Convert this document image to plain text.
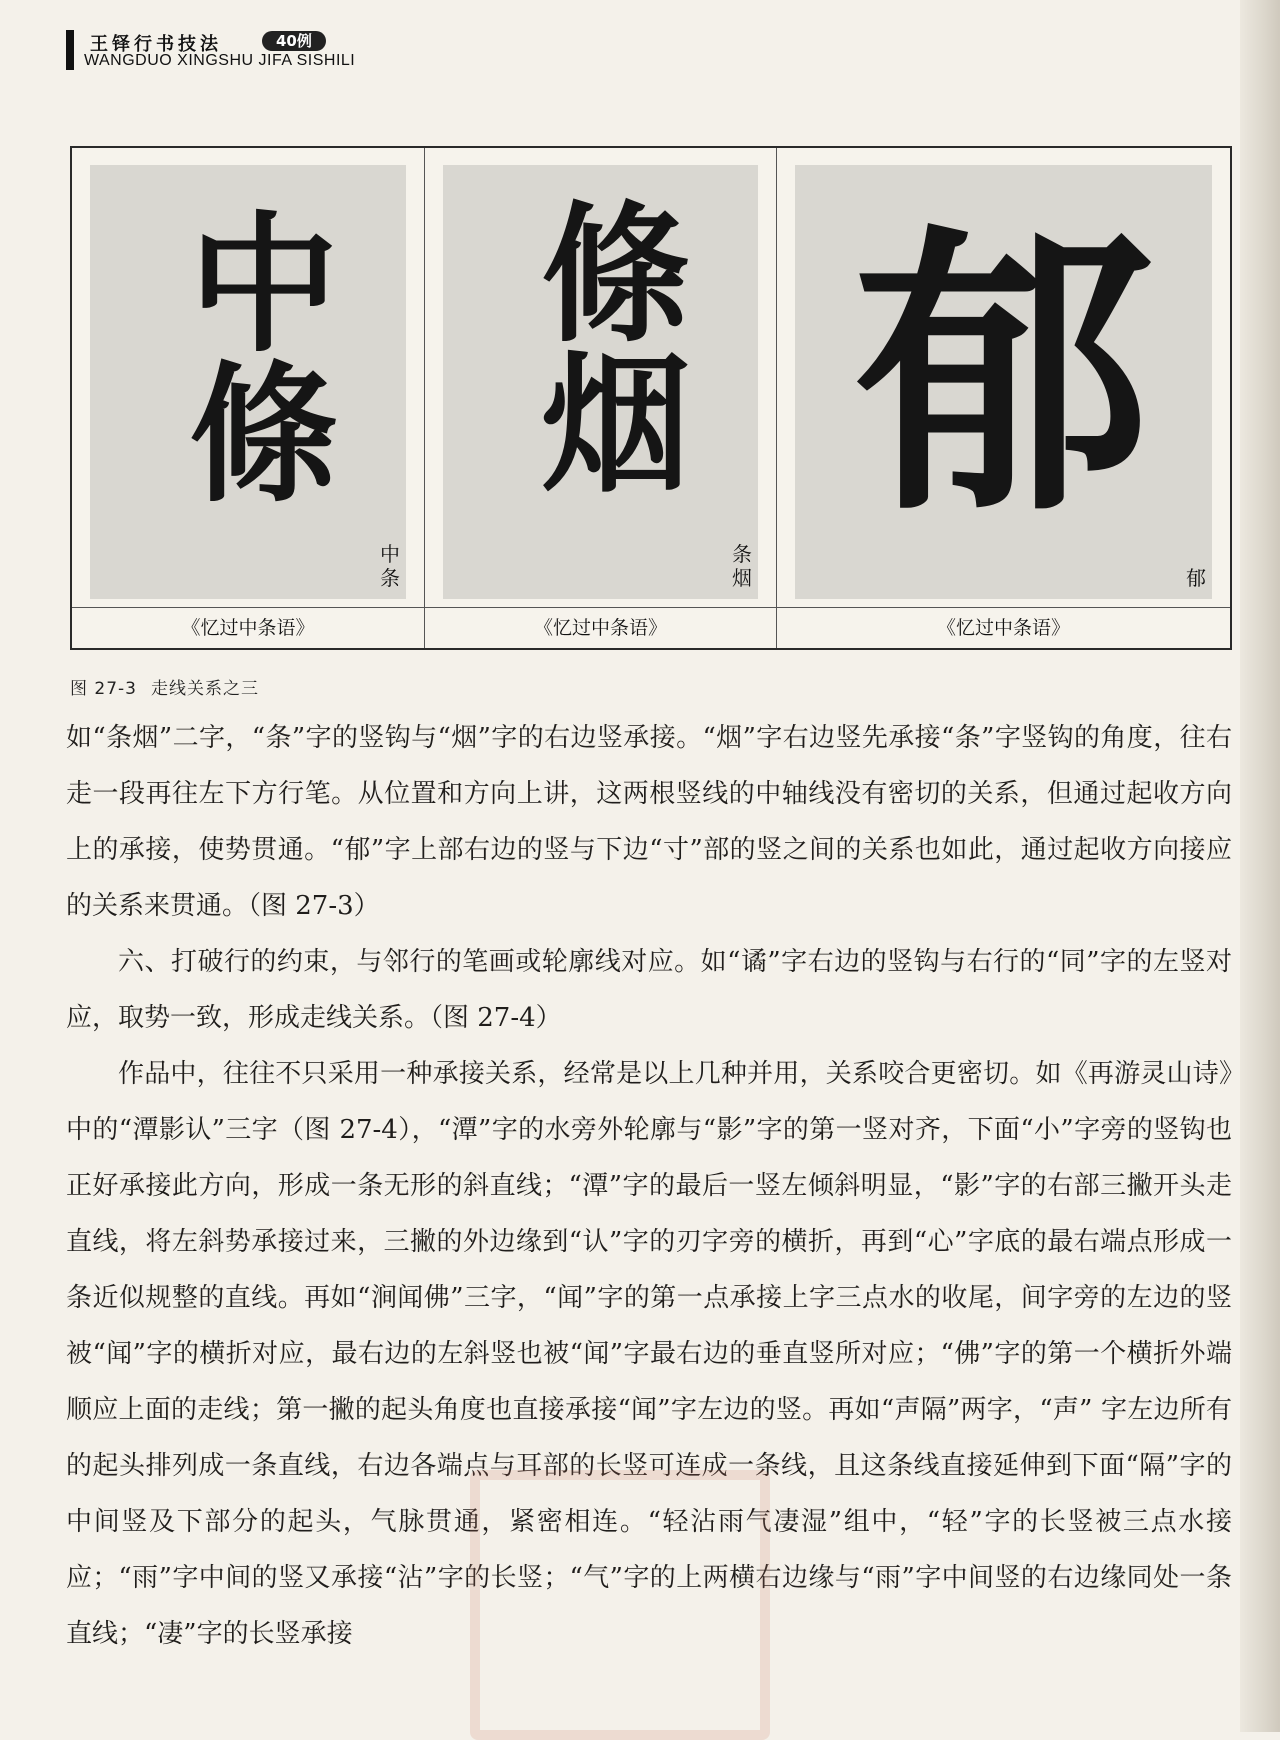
王铎行书技法	40例
WANGDUO XINGSHU JIFA SISHILI
中條
中条
《忆过中条语》
條烟
条烟
《忆过中条语》
郁
郁
《忆过中条语》
图 27-3 走线关系之三

如“条烟”二字，“条”字的竖钩与“烟”字的右边竖承接。“烟”字右边竖先承接“条”字竖钩的角度，往右走一段再往左下方行笔。从位置和方向上讲，这两根竖线的中轴线没有密切的关系，但通过起收方向上的承接，使势贯通。“郁”字上部右边的竖与下边“寸”部的竖之间的关系也如此，通过起收方向接应的关系来贯通。（图 27-3）

六、打破行的约束，与邻行的笔画或轮廓线对应。如“谲”字右边的竖钩与右行的“同”字的左竖对应，取势一致，形成走线关系。（图 27-4）

作品中，往往不只采用一种承接关系，经常是以上几种并用，关系咬合更密切。如《再游灵山诗》中的“潭影认”三字（图 27-4），“潭”字的水旁外轮廓与“影”字的第一竖对齐，下面“小”字旁的竖钩也正好承接此方向，形成一条无形的斜直线；“潭”字的最后一竖左倾斜明显，“影”字的右部三撇开头走直线，将左斜势承接过来，三撇的外边缘到“认”字的刃字旁的横折，再到“心”字底的最右端点形成一条近似规整的直线。再如“涧闻佛”三字，“闻”字的第一点承接上字三点水的收尾，间字旁的左边的竖被“闻”字的横折对应，最右边的左斜竖也被“闻”字最右边的垂直竖所对应；“佛”字的第一个横折外端顺应上面的走线；第一撇的起头角度也直接承接“闻”字左边的竖。再如“声隔”两字，“声” 字左边所有的起头排列成一条直线，右边各端点与耳部的长竖可连成一条线，且这条线直接延伸到下面“隔”字的中间竖及下部分的起头，气脉贯通，紧密相连。“轻沾雨气凄湿”组中，“轻”字的长竖被三点水接应；“雨”字中间的竖又承接“沾”字的长竖；“气”字的上两横右边缘与“雨”字中间竖的右边缘同处一条直线；“凄”字的长竖承接
